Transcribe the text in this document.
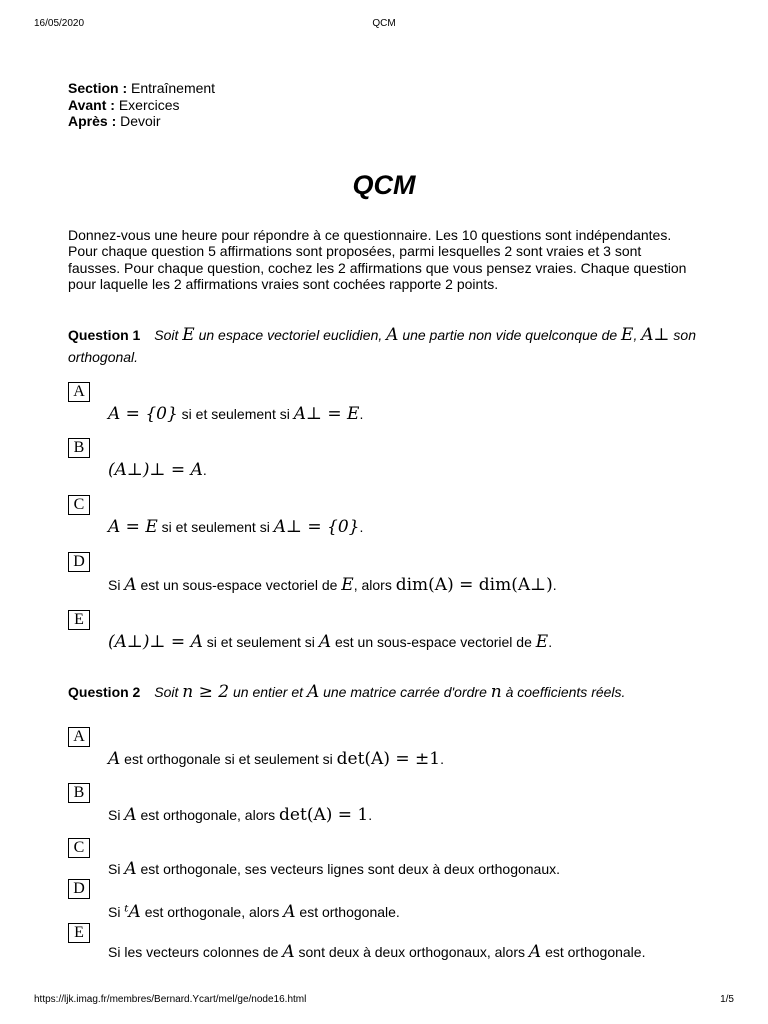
16/05/2020	QCM
Section : Entraînement
Avant : Exercices
Après : Devoir
QCM
Donnez-vous une heure pour répondre à ce questionnaire. Les 10 questions sont indépendantes. Pour chaque question 5 affirmations sont proposées, parmi lesquelles 2 sont vraies et 3 sont fausses. Pour chaque question, cochez les 2 affirmations que vous pensez vraies. Chaque question pour laquelle les 2 affirmations vraies sont cochées rapporte 2 points.
Question 1 Soit E un espace vectoriel euclidien, A une partie non vide quelconque de E, A⊥ son orthogonal.
A
A = {0} si et seulement si A⊥ = E.
B
(A⊥)⊥ = A.
C
A = E si et seulement si A⊥ = {0}.
D
Si A est un sous-espace vectoriel de E, alors dim(A) = dim(A⊥).
E
(A⊥)⊥ = A si et seulement si A est un sous-espace vectoriel de E.
Question 2 Soit n ≥ 2 un entier et A une matrice carrée d'ordre n à coefficients réels.
A
A est orthogonale si et seulement si det(A) = ±1.
B
Si A est orthogonale, alors det(A) = 1.
C
Si A est orthogonale, ses vecteurs lignes sont deux à deux orthogonaux.
D
Si ᵗA est orthogonale, alors A est orthogonale.
E
Si les vecteurs colonnes de A sont deux à deux orthogonaux, alors A est orthogonale.
https://ljk.imag.fr/membres/Bernard.Ycart/mel/ge/node16.html	1/5
